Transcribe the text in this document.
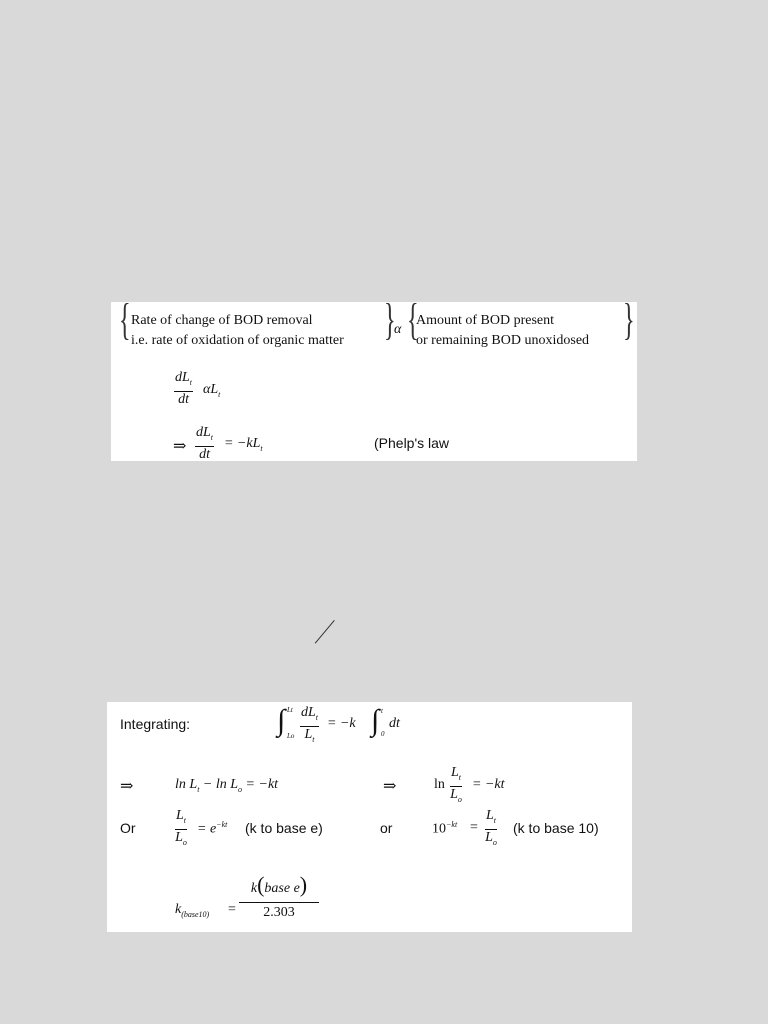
{ Rate of change of BOD removal
i.e. rate of oxidation of organic matter }
α {
Amount of BOD present
or remaining BOD unoxidosed }
$dL_t$
dt
$\alpha L_t$
⇒
$dL_t$
dt
= $-kL_t$	(Phelp's law
Integrating:	∫ Lt
Lo
$dL_t$
$L_t$
= −k ∫ t
0
dt
⇒	$\ln L_t - \ln L_o = -kt$	⇒	ln
$L_t$
$L_o$
= −kt
Or
$L_t$
$L_o$
= $e^{-kt}$ (k to base e)	or	$10^{-kt}$ =
$L_t$
$L_o$
(k to base 10)
$k_{(base10)}$ =
k(base e)
2.303
